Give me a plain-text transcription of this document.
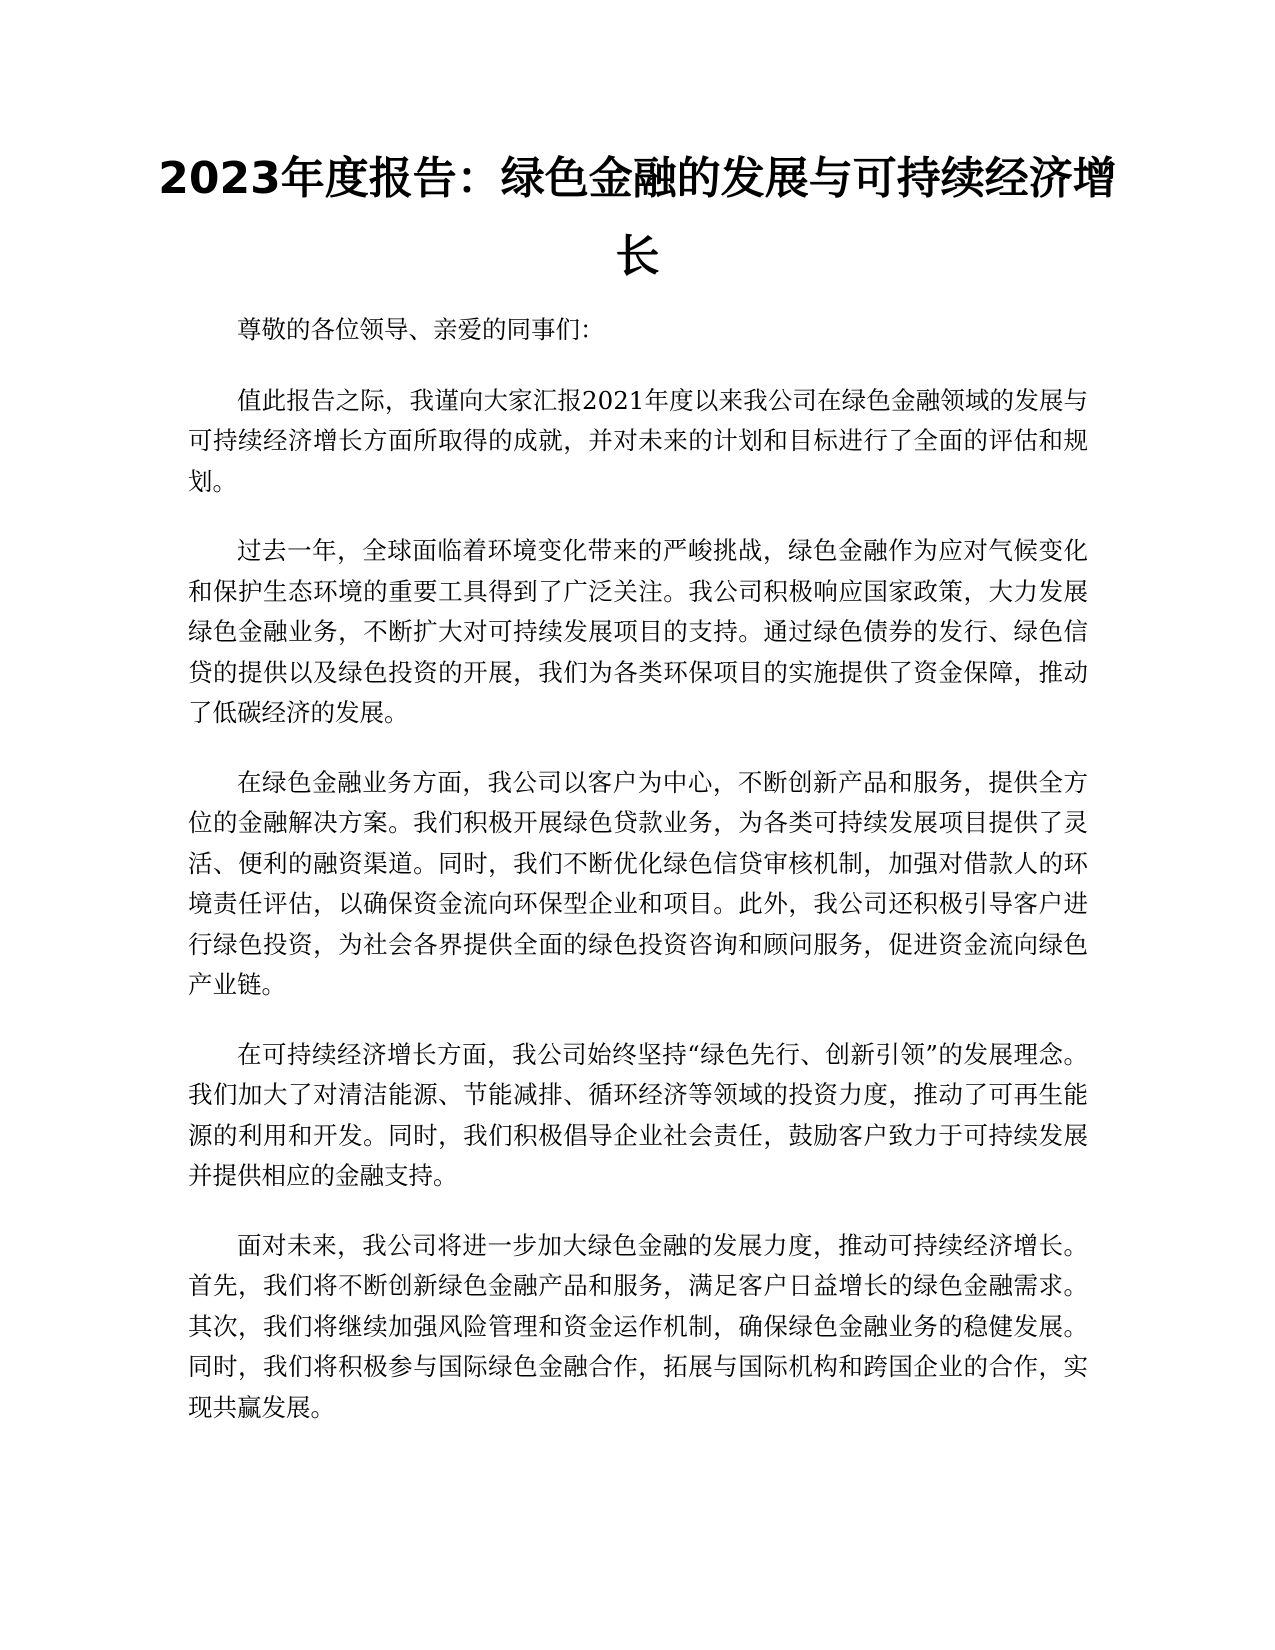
2023年度报告：绿色金融的发展与可持续经济增长

尊敬的各位领导、亲爱的同事们：

值此报告之际，我谨向大家汇报2021年度以来我公司在绿色金融领域的发展与可持续经济增长方面所取得的成就，并对未来的计划和目标进行了全面的评估和规划。

过去一年，全球面临着环境变化带来的严峻挑战，绿色金融作为应对气候变化和保护生态环境的重要工具得到了广泛关注。我公司积极响应国家政策，大力发展绿色金融业务，不断扩大对可持续发展项目的支持。通过绿色债券的发行、绿色信贷的提供以及绿色投资的开展，我们为各类环保项目的实施提供了资金保障，推动了低碳经济的发展。

在绿色金融业务方面，我公司以客户为中心，不断创新产品和服务，提供全方位的金融解决方案。我们积极开展绿色贷款业务，为各类可持续发展项目提供了灵活、便利的融资渠道。同时，我们不断优化绿色信贷审核机制，加强对借款人的环境责任评估，以确保资金流向环保型企业和项目。此外，我公司还积极引导客户进行绿色投资，为社会各界提供全面的绿色投资咨询和顾问服务，促进资金流向绿色产业链。

在可持续经济增长方面，我公司始终坚持“绿色先行、创新引领”的发展理念。我们加大了对清洁能源、节能减排、循环经济等领域的投资力度，推动了可再生能源的利用和开发。同时，我们积极倡导企业社会责任，鼓励客户致力于可持续发展并提供相应的金融支持。

面对未来，我公司将进一步加大绿色金融的发展力度，推动可持续经济增长。首先，我们将不断创新绿色金融产品和服务，满足客户日益增长的绿色金融需求。其次，我们将继续加强风险管理和资金运作机制，确保绿色金融业务的稳健发展。同时，我们将积极参与国际绿色金融合作，拓展与国际机构和跨国企业的合作，实现共赢发展。
